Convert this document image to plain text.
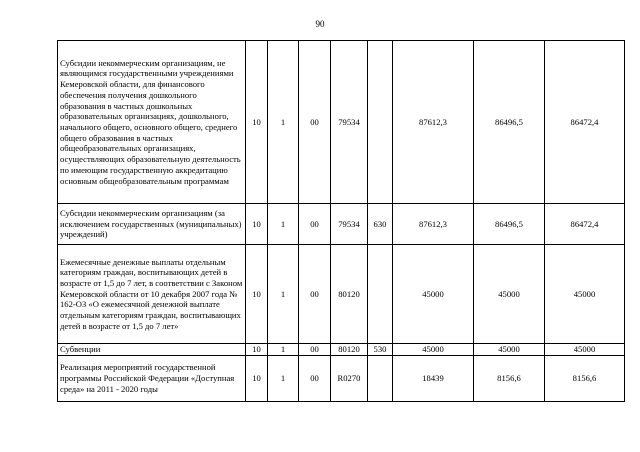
90
Субсидии некоммерческим организациям, не являющимся государственными учреждениями Кемеровской области, для финансового обеспечения получения дошкольного образования в частных дошкольных образовательных организациях, дошкольного, начального общего, основного общего, среднего общего образования в частных общеобразовательных организациях, осуществляющих образовательную деятельность по имеющим государственную аккредитацию основным общеобразовательным программам	10	1	00	79534		87612,3	86496,5	86472,4
Субсидии некоммерческим организациям (за исключением государственных (муниципальных) учреждений)	10	1	00	79534	630	87612,3	86496,5	86472,4
Ежемесячные денежные выплаты отдельным категориям граждан, воспитывающих детей в возрасте от 1,5 до 7 лет, в соответствии с Законом Кемеровской области от 10 декабря 2007 года № 162-ОЗ «О ежемесячной денежной выплате отдельным категориям граждан, воспитывающих детей в возрасте от 1,5 до 7 лет»	10	1	00	80120		45000	45000	45000
Субвенции	10	1	00	80120	530	45000	45000	45000
Реализация мероприятий государственной программы Российской Федерации «Доступная среда» на 2011 - 2020 годы	10	1	00	R0270		18439	8156,6	8156,6
